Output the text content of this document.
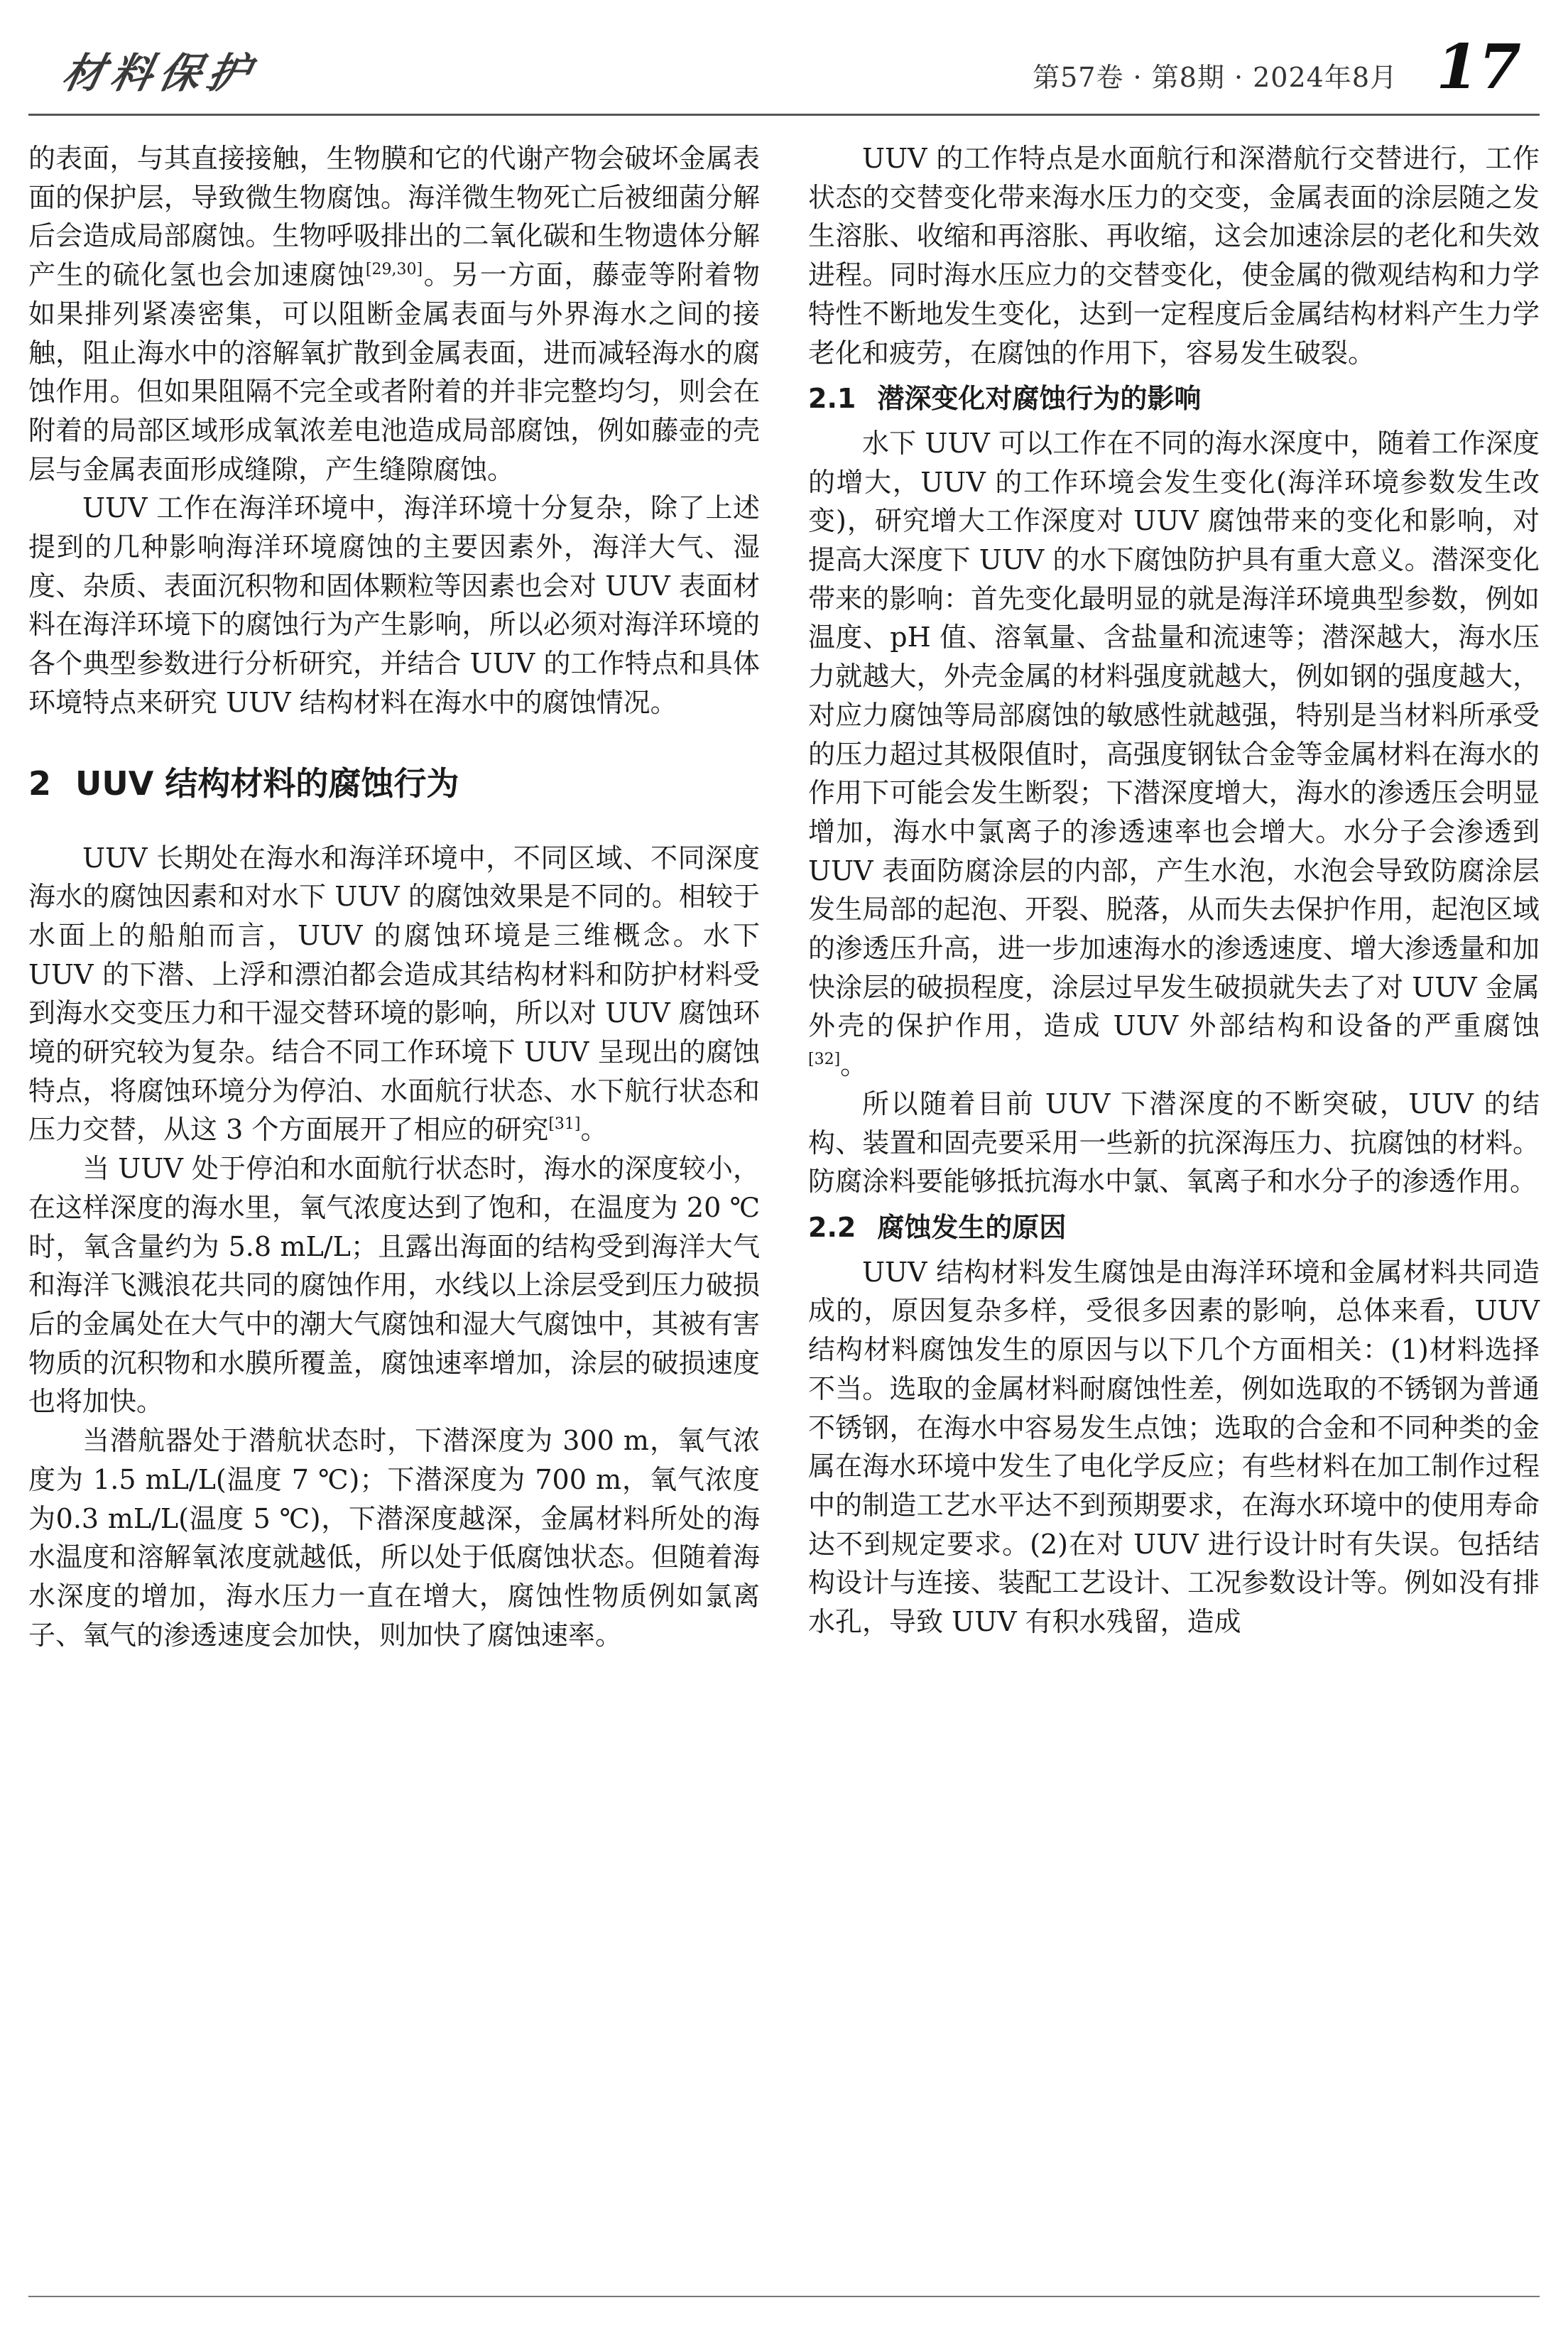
材料保护	第57卷 · 第8期 · 2024年8月 17

的表面，与其直接接触，生物膜和它的代谢产物会破坏金属表面的保护层，导致微生物腐蚀。海洋微生物死亡后被细菌分解后会造成局部腐蚀。生物呼吸排出的二氧化碳和生物遗体分解产生的硫化氢也会加速腐蚀[29,30]。另一方面，藤壶等附着物如果排列紧凑密集，可以阻断金属表面与外界海水之间的接触，阻止海水中的溶解氧扩散到金属表面，进而减轻海水的腐蚀作用。但如果阻隔不完全或者附着的并非完整均匀，则会在附着的局部区域形成氧浓差电池造成局部腐蚀，例如藤壶的壳层与金属表面形成缝隙，产生缝隙腐蚀。

UUV 工作在海洋环境中，海洋环境十分复杂，除了上述提到的几种影响海洋环境腐蚀的主要因素外，海洋大气、湿度、杂质、表面沉积物和固体颗粒等因素也会对 UUV 表面材料在海洋环境下的腐蚀行为产生影响，所以必须对海洋环境的各个典型参数进行分析研究，并结合 UUV 的工作特点和具体环境特点来研究 UUV 结构材料在海水中的腐蚀情况。

2 UUV 结构材料的腐蚀行为

UUV 长期处在海水和海洋环境中，不同区域、不同深度海水的腐蚀因素和对水下 UUV 的腐蚀效果是不同的。相较于水面上的船舶而言，UUV 的腐蚀环境是三维概念。水下 UUV 的下潜、上浮和漂泊都会造成其结构材料和防护材料受到海水交变压力和干湿交替环境的影响，所以对 UUV 腐蚀环境的研究较为复杂。结合不同工作环境下 UUV 呈现出的腐蚀特点，将腐蚀环境分为停泊、水面航行状态、水下航行状态和压力交替，从这 3 个方面展开了相应的研究[31]。

当 UUV 处于停泊和水面航行状态时，海水的深度较小，在这样深度的海水里，氧气浓度达到了饱和，在温度为 20 ℃时，氧含量约为 5.8 mL/L；且露出海面的结构受到海洋大气和海洋飞溅浪花共同的腐蚀作用，水线以上涂层受到压力破损后的金属处在大气中的潮大气腐蚀和湿大气腐蚀中，其被有害物质的沉积物和水膜所覆盖，腐蚀速率增加，涂层的破损速度也将加快。

当潜航器处于潜航状态时，下潜深度为 300 m，氧气浓度为 1.5 mL/L(温度 7 ℃)；下潜深度为 700 m，氧气浓度为0.3 mL/L(温度 5 ℃)，下潜深度越深，金属材料所处的海水温度和溶解氧浓度就越低，所以处于低腐蚀状态。但随着海水深度的增加，海水压力一直在增大，腐蚀性物质例如氯离子、氧气的渗透速度会加快，则加快了腐蚀速率。

UUV 的工作特点是水面航行和深潜航行交替进行，工作状态的交替变化带来海水压力的交变，金属表面的涂层随之发生溶胀、收缩和再溶胀、再收缩，这会加速涂层的老化和失效进程。同时海水压应力的交替变化，使金属的微观结构和力学特性不断地发生变化，达到一定程度后金属结构材料产生力学老化和疲劳，在腐蚀的作用下，容易发生破裂。

2.1 潜深变化对腐蚀行为的影响

水下 UUV 可以工作在不同的海水深度中，随着工作深度的增大，UUV 的工作环境会发生变化(海洋环境参数发生改变)，研究增大工作深度对 UUV 腐蚀带来的变化和影响，对提高大深度下 UUV 的水下腐蚀防护具有重大意义。潜深变化带来的影响：首先变化最明显的就是海洋环境典型参数，例如温度、pH 值、溶氧量、含盐量和流速等；潜深越大，海水压力就越大，外壳金属的材料强度就越大，例如钢的强度越大，对应力腐蚀等局部腐蚀的敏感性就越强，特别是当材料所承受的压力超过其极限值时，高强度钢钛合金等金属材料在海水的作用下可能会发生断裂；下潜深度增大，海水的渗透压会明显增加，海水中氯离子的渗透速率也会增大。水分子会渗透到 UUV 表面防腐涂层的内部，产生水泡，水泡会导致防腐涂层发生局部的起泡、开裂、脱落，从而失去保护作用，起泡区域的渗透压升高，进一步加速海水的渗透速度、增大渗透量和加快涂层的破损程度，涂层过早发生破损就失去了对 UUV 金属外壳的保护作用，造成 UUV 外部结构和设备的严重腐蚀[32]。

所以随着目前 UUV 下潜深度的不断突破，UUV 的结构、装置和固壳要采用一些新的抗深海压力、抗腐蚀的材料。防腐涂料要能够抵抗海水中氯、氧离子和水分子的渗透作用。

2.2 腐蚀发生的原因

UUV 结构材料发生腐蚀是由海洋环境和金属材料共同造成的，原因复杂多样，受很多因素的影响，总体来看，UUV 结构材料腐蚀发生的原因与以下几个方面相关：(1)材料选择不当。选取的金属材料耐腐蚀性差，例如选取的不锈钢为普通不锈钢，在海水中容易发生点蚀；选取的合金和不同种类的金属在海水环境中发生了电化学反应；有些材料在加工制作过程中的制造工艺水平达不到预期要求，在海水环境中的使用寿命达不到规定要求。(2)在对 UUV 进行设计时有失误。包括结构设计与连接、装配工艺设计、工况参数设计等。例如没有排水孔，导致 UUV 有积水残留，造成
